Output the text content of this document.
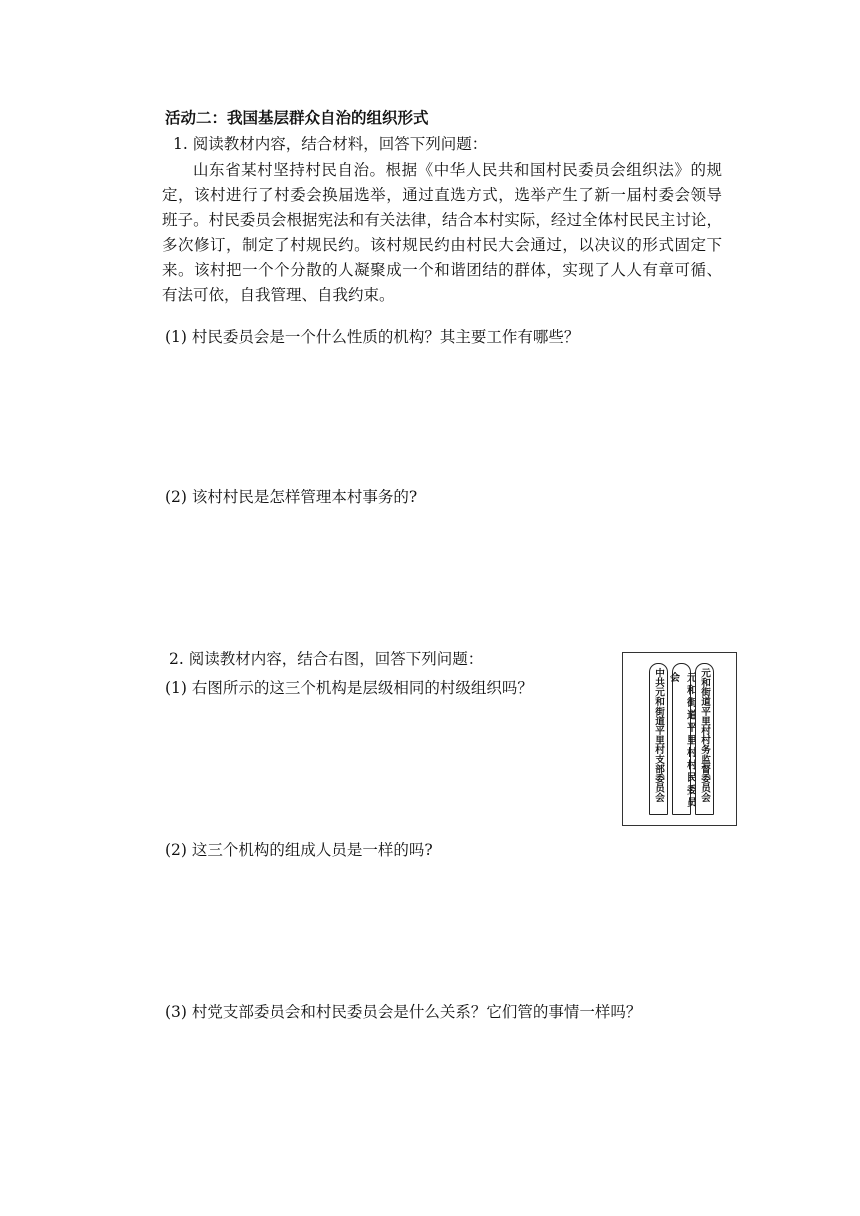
活动二：我国基层群众自治的组织形式
1. 阅读教材内容，结合材料，回答下列问题：
山东省某村坚持村民自治。根据《中华人民共和国村民委员会组织法》的规
定，该村进行了村委会换届选举，通过直选方式，选举产生了新一届村委会领导
班子。村民委员会根据宪法和有关法律，结合本村实际，经过全体村民民主讨论，
多次修订，制定了村规民约。该村规民约由村民大会通过，以决议的形式固定下
来。该村把一个个分散的人凝聚成一个和谐团结的群体，实现了人人有章可循、
有法可依，自我管理、自我约束。
(1) 村民委员会是一个什么性质的机构？其主要工作有哪些？
(2) 该村村民是怎样管理本村事务的?
2. 阅读教材内容，结合右图，回答下列问题：
(1) 右图所示的这三个机构是层级相同的村级组织吗？
(2) 这三个机构的组成人员是一样的吗?
(3) 村党支部委员会和村民委员会是什么关系？它们管的事情一样吗？
中共元和街道平里村支部委员会	元和街道平里村村民委员会	元和街道平里村村务监督委员会
